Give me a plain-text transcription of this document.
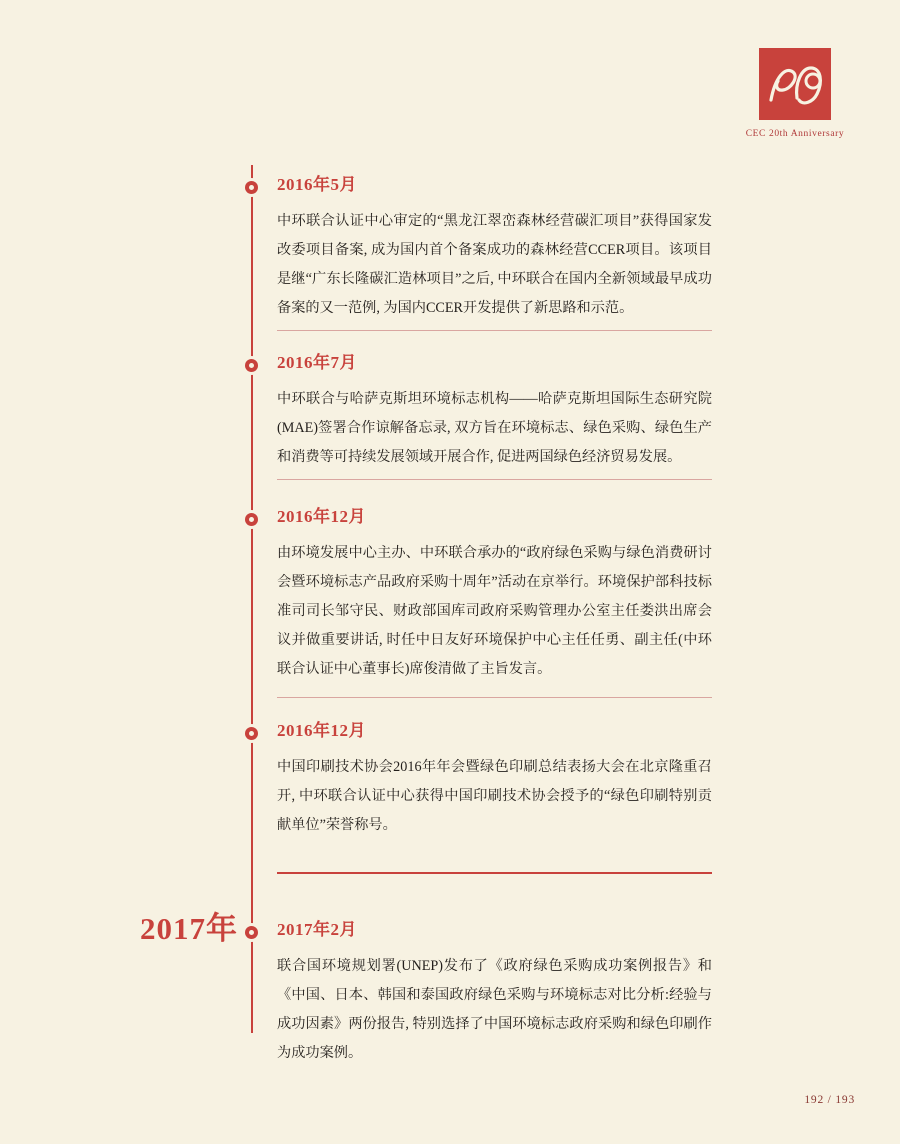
CEC 20th Anniversary
2016年5月
中环联合认证中心审定的“黑龙江翠峦森林经营碳汇项目”获得国家发改委项目备案, 成为国内首个备案成功的森林经营CCER项目。该项目是继“广东长隆碳汇造林项目”之后, 中环联合在国内全新领域最早成功备案的又一范例, 为国内CCER开发提供了新思路和示范。
2016年7月
中环联合与哈萨克斯坦环境标志机构——哈萨克斯坦国际生态研究院(MAE)签署合作谅解备忘录, 双方旨在环境标志、绿色采购、绿色生产和消费等可持续发展领域开展合作, 促进两国绿色经济贸易发展。
2016年12月
由环境发展中心主办、中环联合承办的“政府绿色采购与绿色消费研讨会暨环境标志产品政府采购十周年”活动在京举行。环境保护部科技标准司司长邹守民、财政部国库司政府采购管理办公室主任娄洪出席会议并做重要讲话, 时任中日友好环境保护中心主任任勇、副主任(中环联合认证中心董事长)席俊清做了主旨发言。
2016年12月
中国印刷技术协会2016年年会暨绿色印刷总结表扬大会在北京隆重召开, 中环联合认证中心获得中国印刷技术协会授予的“绿色印刷特别贡献单位”荣誉称号。
2017年 2017年2月
联合国环境规划署(UNEP)发布了《政府绿色采购成功案例报告》和《中国、日本、韩国和泰国政府绿色采购与环境标志对比分析:经验与成功因素》两份报告, 特别选择了中国环境标志政府采购和绿色印刷作为成功案例。
192 / 193
